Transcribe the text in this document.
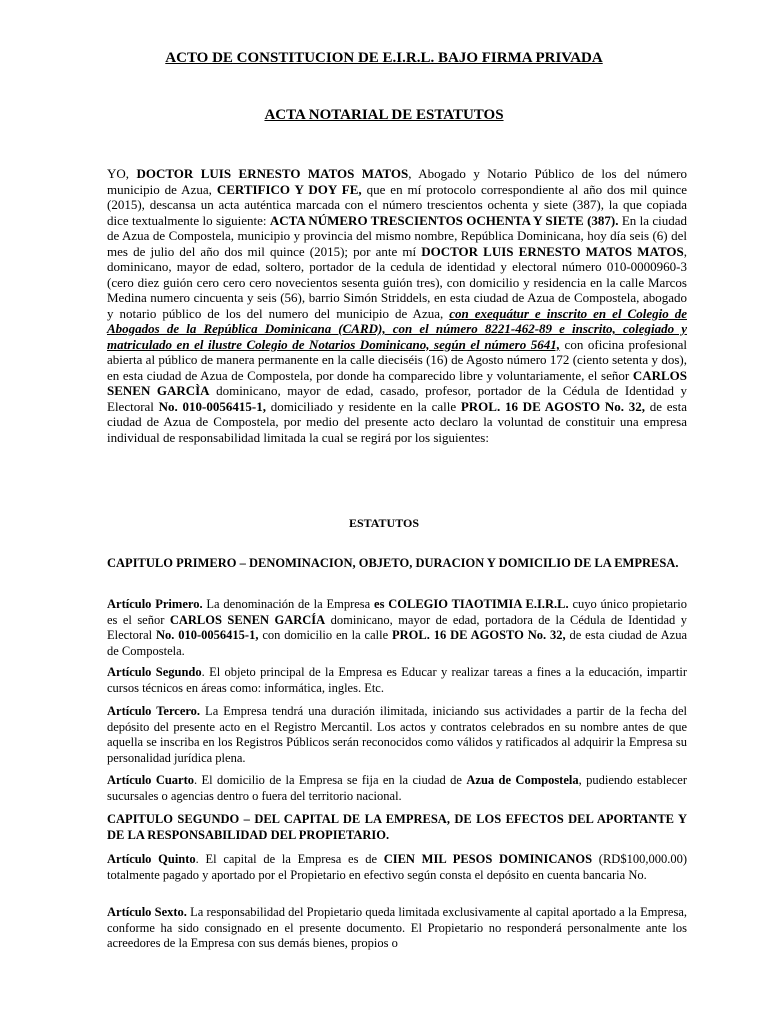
ACTO DE CONSTITUCION DE E.I.R.L. BAJO FIRMA PRIVADA
ACTA NOTARIAL DE ESTATUTOS
YO, DOCTOR LUIS ERNESTO MATOS MATOS, Abogado y Notario Público de los del número municipio de Azua, CERTIFICO Y DOY FE, que en mí protocolo correspondiente al año dos mil quince (2015), descansa un acta auténtica marcada con el número trescientos ochenta y siete (387), la que copiada dice textualmente lo siguiente: ACTA NÚMERO TRESCIENTOS OCHENTA Y SIETE (387). En la ciudad de Azua de Compostela, municipio y provincia del mismo nombre, República Dominicana, hoy día seis (6) del mes de julio del año dos mil quince (2015); por ante mí DOCTOR LUIS ERNESTO MATOS MATOS, dominicano, mayor de edad, soltero, portador de la cedula de identidad y electoral número 010-0000960-3 (cero diez guión cero cero cero novecientos sesenta guión tres), con domicilio y residencia en la calle Marcos Medina numero cincuenta y seis (56), barrio Simón Striddels, en esta ciudad de Azua de Compostela, abogado y notario público de los del numero del municipio de Azua, con exequátur e inscrito en el Colegio de Abogados de la República Dominicana (CARD), con el número 8221-462-89 e inscrito, colegiado y matriculado en el ilustre Colegio de Notarios Dominicano, según el número 5641, con oficina profesional abierta al público de manera permanente en la calle dieciséis (16) de Agosto número 172 (ciento setenta y dos), en esta ciudad de Azua de Compostela, por donde ha comparecido libre y voluntariamente, el señor CARLOS SENEN GARCÌA dominicano, mayor de edad, casado, profesor, portador de la Cédula de Identidad y Electoral No. 010-0056415-1, domiciliado y residente en la calle PROL. 16 DE AGOSTO No. 32, de esta ciudad de Azua de Compostela, por medio del presente acto declaro la voluntad de constituir una empresa individual de responsabilidad limitada la cual se regirá por los siguientes:
ESTATUTOS
CAPITULO PRIMERO – DENOMINACION, OBJETO, DURACION Y DOMICILIO DE LA EMPRESA.
Artículo Primero. La denominación de la Empresa es COLEGIO TIAOTIMIA E.I.R.L. cuyo único propietario es el señor CARLOS SENEN GARCÍA dominicano, mayor de edad, portadora de la Cédula de Identidad y Electoral No. 010-0056415-1, con domicilio en la calle PROL. 16 DE AGOSTO No. 32, de esta ciudad de Azua de Compostela.
Artículo Segundo. El objeto principal de la Empresa es Educar y realizar tareas a fines a la educación, impartir cursos técnicos en áreas como: informática, ingles. Etc.
Artículo Tercero. La Empresa tendrá una duración ilimitada, iniciando sus actividades a partir de la fecha del depósito del presente acto en el Registro Mercantil. Los actos y contratos celebrados en su nombre antes de que aquella se inscriba en los Registros Públicos serán reconocidos como válidos y ratificados al adquirir la Empresa su personalidad jurídica plena.
Artículo Cuarto. El domicilio de la Empresa se fija en la ciudad de Azua de Compostela, pudiendo establecer sucursales o agencias dentro o fuera del territorio nacional.
CAPITULO SEGUNDO – DEL CAPITAL DE LA EMPRESA, DE LOS EFECTOS DEL APORTANTE Y DE LA RESPONSABILIDAD DEL PROPIETARIO.
Artículo Quinto. El capital de la Empresa es de CIEN MIL PESOS DOMINICANOS (RD$100,000.00) totalmente pagado y aportado por el Propietario en efectivo según consta el depósito en cuenta bancaria No.
Artículo Sexto. La responsabilidad del Propietario queda limitada exclusivamente al capital aportado a la Empresa, conforme ha sido consignado en el presente documento. El Propietario no responderá personalmente ante los acreedores de la Empresa con sus demás bienes, propios o
